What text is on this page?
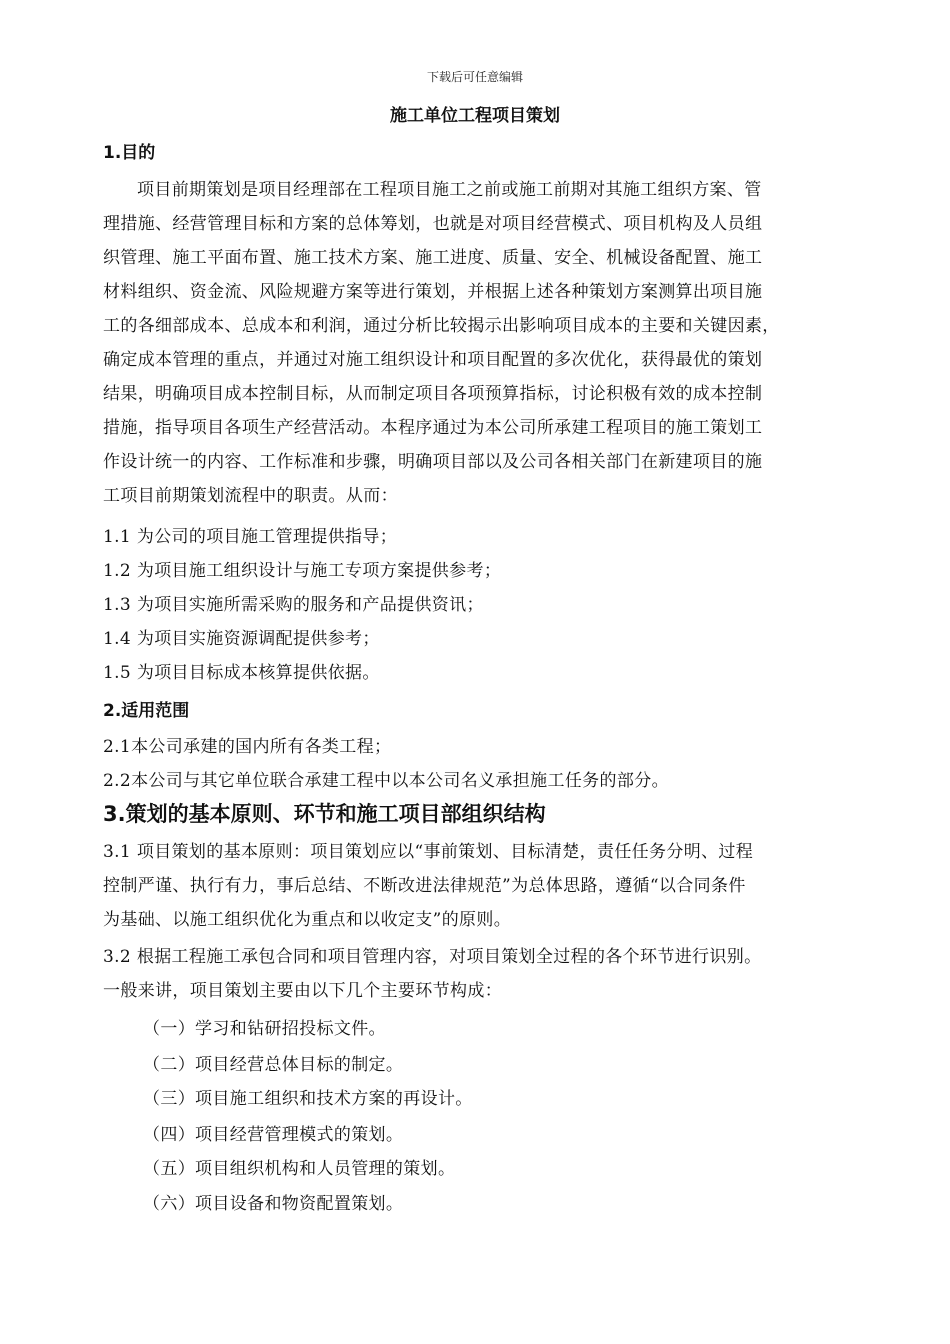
下载后可任意编辑
施工单位工程项目策划
1.目的
项目前期策划是项目经理部在工程项目施工之前或施工前期对其施工组织方案、管
理措施、经营管理目标和方案的总体筹划，也就是对项目经营模式、项目机构及人员组
织管理、施工平面布置、施工技术方案、施工进度、质量、安全、机械设备配置、施工
材料组织、资金流、风险规避方案等进行策划，并根据上述各种策划方案测算出项目施
工的各细部成本、总成本和利润，通过分析比较揭示出影响项目成本的主要和关键因素，
确定成本管理的重点，并通过对施工组织设计和项目配置的多次优化，获得最优的策划
结果，明确项目成本控制目标，从而制定项目各项预算指标，讨论积极有效的成本控制
措施，指导项目各项生产经营活动。本程序通过为本公司所承建工程项目的施工策划工
作设计统一的内容、工作标准和步骤，明确项目部以及公司各相关部门在新建项目的施
工项目前期策划流程中的职责。从而：
1.1 为公司的项目施工管理提供指导；
1.2 为项目施工组织设计与施工专项方案提供参考；
1.3 为项目实施所需采购的服务和产品提供资讯；
1.4 为项目实施资源调配提供参考；
1.5 为项目目标成本核算提供依据。
2.适用范围
2.1本公司承建的国内所有各类工程；
2.2本公司与其它单位联合承建工程中以本公司名义承担施工任务的部分。
3.策划的基本原则、环节和施工项目部组织结构
3.1 项目策划的基本原则：项目策划应以“事前策划、目标清楚，责任任务分明、过程
控制严谨、执行有力，事后总结、不断改进法律规范”为总体思路，遵循“以合同条件
为基础、以施工组织优化为重点和以收定支”的原则。
3.2 根据工程施工承包合同和项目管理内容，对项目策划全过程的各个环节进行识别。
一般来讲，项目策划主要由以下几个主要环节构成：
（一）学习和钻研招投标文件。
（二）项目经营总体目标的制定。
（三）项目施工组织和技术方案的再设计。
（四）项目经营管理模式的策划。
（五）项目组织机构和人员管理的策划。
（六）项目设备和物资配置策划。
